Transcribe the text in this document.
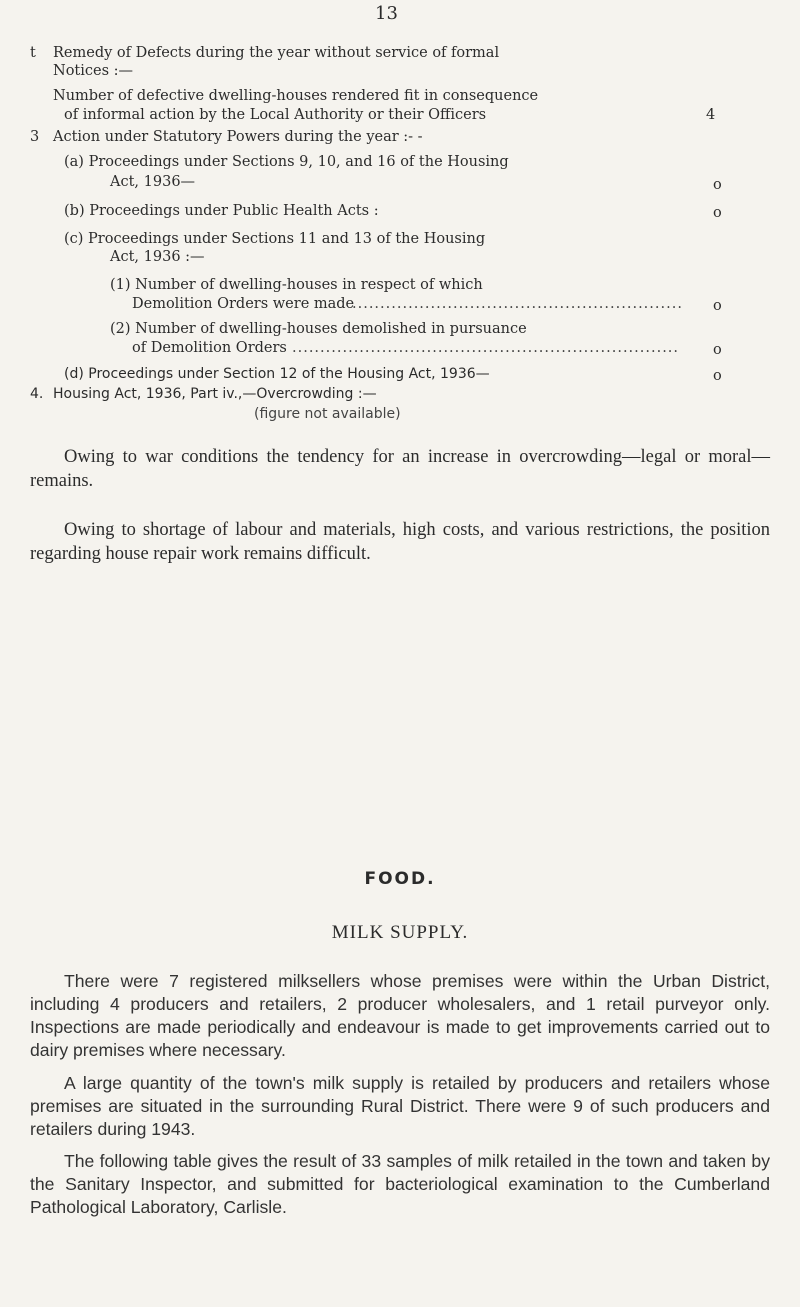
13
t Remedy of Defects during the year without service of formal
Notices :—
Number of defective dwelling-houses rendered fit in consequence
of informal action by the Local Authority or their Officers	4
3 Action under Statutory Powers during the year :- -
(a) Proceedings under Sections 9, 10, and 16 of the Housing
Act, 1936—	o
(b) Proceedings under Public Health Acts :	o
(c) Proceedings under Sections 11 and 13 of the Housing
Act, 1936 :—
(1) Number of dwelling-houses in respect of which
Demolition Orders were made
...........................................................	o
(2) Number of dwelling-houses demolished in pursuance
of Demolition Orders .....................................................................	o
(d) Proceedings under Section 12 of the Housing Act, 1936—	o
4. Housing Act, 1936, Part iv.,—Overcrowding :—
(figure not available)

Owing to war conditions the tendency for an increase in overcrowding—legal or moral—remains.

Owing to shortage of labour and materials, high costs, and various restrictions, the position regarding house repair work remains difficult.

FOOD.
MILK SUPPLY.

There were 7 registered milksellers whose premises were within the Urban District, including 4 producers and retailers, 2 producer wholesalers, and 1 retail purveyor only. Inspections are made periodically and endeavour is made to get improvements carried out to dairy premises where necessary.

A large quantity of the town's milk supply is retailed by producers and retailers whose premises are situated in the surrounding Rural District. There were 9 of such producers and retailers during 1943.

The following table gives the result of 33 samples of milk retailed in the town and taken by the Sanitary Inspector, and submitted for bacteriological examination to the Cumberland Pathological Laboratory, Carlisle.
